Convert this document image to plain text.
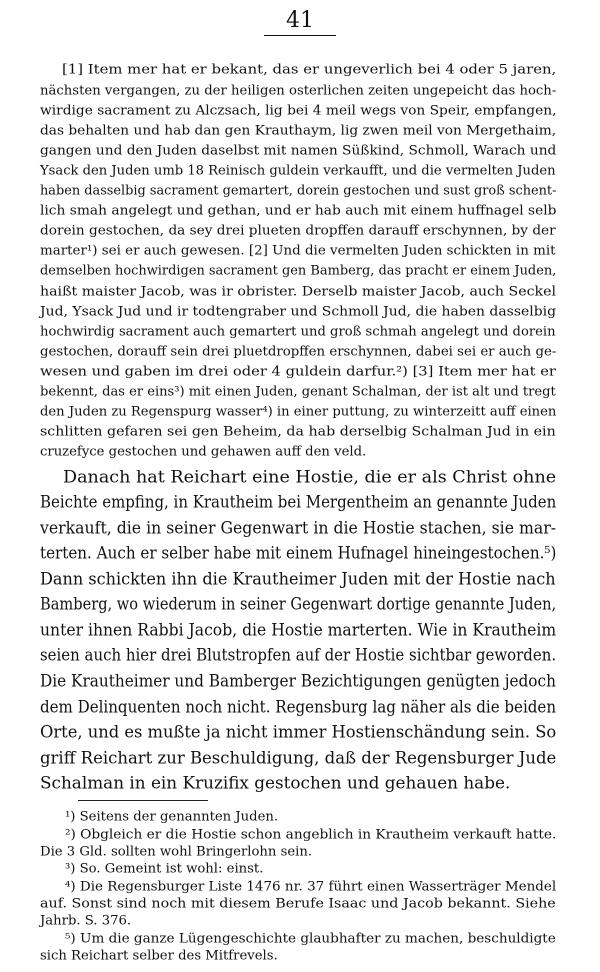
41
[1] Item mer hat er bekant, das er ungeverlich bei 4 oder 5 jaren,
nächsten vergangen, zu der heiligen osterlichen zeiten ungepeicht das hoch-
wirdige sacrament zu Alczsach, lig bei 4 meil wegs von Speir, empfangen,
das behalten und hab dan gen Krauthaym, lig zwen meil von Mergethaim,
gangen und den Juden daselbst mit namen Süßkind, Schmoll, Warach und
Ysack den Juden umb 18 Reinisch guldein verkaufft, und die vermelten Juden
haben dasselbig sacrament gemartert, dorein gestochen und sust groß schent-
lich smah angelegt und gethan, und er hab auch mit einem huffnagel selb
dorein gestochen, da sey drei plueten dropffen darauff erschynnen, by der
marter¹) sei er auch gewesen. [2] Und die vermelten Juden schickten in mit
demselben hochwirdigen sacrament gen Bamberg, das pracht er einem Juden,
haißt maister Jacob, was ir obrister. Derselb maister Jacob, auch Seckel
Jud, Ysack Jud und ir todtengraber und Schmoll Jud, die haben dasselbig
hochwirdig sacrament auch gemartert und groß schmah angelegt und dorein
gestochen, dorauff sein drei pluetdropffen erschynnen, dabei sei er auch ge-
wesen und gaben im drei oder 4 guldein darfur.²) [3] Item mer hat er
bekennt, das er eins³) mit einen Juden, genant Schalman, der ist alt und tregt
den Juden zu Regenspurg wasser⁴) in einer puttung, zu winterzeitt auff einen
schlitten gefaren sei gen Beheim, da hab derselbig Schalman Jud in ein
cruzefyce gestochen und gehawen auff den veld.
Danach hat Reichart eine Hostie, die er als Christ ohne
Beichte empfing, in Krautheim bei Mergentheim an genannte Juden
verkauft, die in seiner Gegenwart in die Hostie stachen, sie mar-
terten. Auch er selber habe mit einem Hufnagel hineingestochen.⁵)
Dann schickten ihn die Krautheimer Juden mit der Hostie nach
Bamberg, wo wiederum in seiner Gegenwart dortige genannte Juden,
unter ihnen Rabbi Jacob, die Hostie marterten. Wie in Krautheim
seien auch hier drei Blutstropfen auf der Hostie sichtbar geworden.
Die Krautheimer und Bamberger Bezichtigungen genügten jedoch
dem Delinquenten noch nicht. Regensburg lag näher als die beiden
Orte, und es mußte ja nicht immer Hostienschändung sein. So
griff Reichart zur Beschuldigung, daß der Regensburger Jude
Schalman in ein Kruzifix gestochen und gehauen habe.
¹) Seitens der genannten Juden.
²) Obgleich er die Hostie schon angeblich in Krautheim verkauft hatte.
Die 3 Gld. sollten wohl Bringerlohn sein.
³) So. Gemeint ist wohl: einst.
⁴) Die Regensburger Liste 1476 nr. 37 führt einen Wasserträger Mendel
auf. Sonst sind noch mit diesem Berufe Isaac und Jacob bekannt. Siehe
Jahrb. S. 376.
⁵) Um die ganze Lügengeschichte glaubhafter zu machen, beschuldigte
sich Reichart selber des Mitfrevels.
